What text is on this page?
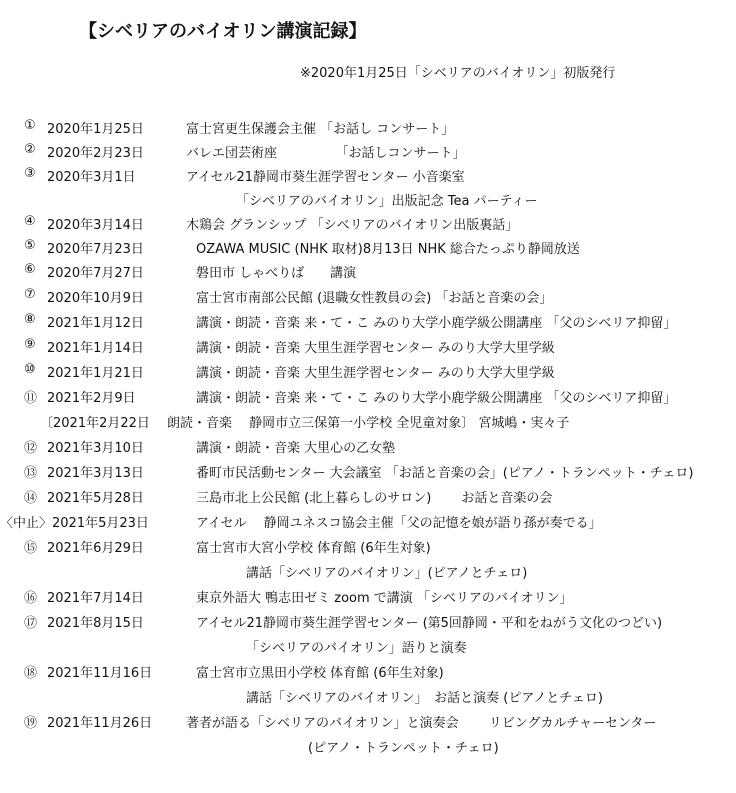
【シベリアのバイオリン講演記録】
※2020年1月25日「シベリアのバイオリン」初版発行
① 2020年1月25日	富士宮更生保護会主催 「お話し コンサート」
② 2020年2月23日	バレエ団芸術座　　　　　「お話しコンサート」
③ 2020年3月1日	アイセル21静岡市葵生涯学習センター 小音楽室
「シベリアのバイオリン」出版記念 Tea パーティー
④ 2020年3月14日	木鶏会 グランシップ 「シベリアのバイオリン出版裏話」
⑤ 2020年7月23日	OZAWA MUSIC (NHK 取材)8月13日 NHK 総合たっぷり静岡放送
⑥ 2020年7月27日	磐田市 しゃべりば　　講演
⑦ 2020年10月9日	富士宮市南部公民館 (退職女性教員の会) 「お話と音楽の会」
⑧ 2021年1月12日	講演・朗読・音楽 来・て・こ みのり大学小鹿学級公開講座 「父のシベリア抑留」
⑨ 2021年1月14日	講演・朗読・音楽 大里生涯学習センター みのり大学大里学級
⑩ 2021年1月21日	講演・朗読・音楽 大里生涯学習センター みのり大学大里学級
⑪ 2021年2月9日	講演・朗読・音楽 来・て・こ みのり大学小鹿学級公開講座 「父のシベリア抑留」
〔2021年2月22日　 朗読・音楽　 静岡市立三保第一小学校 全児童対象〕 宮城嶋・実々子
⑫ 2021年3月10日	講演・朗読・音楽 大里心の乙女塾
⑬ 2021年3月13日	番町市民活動センター 大会議室 「お話と音楽の会」(ピアノ・トランペット・チェロ)
⑭ 2021年5月28日	三島市北上公民館 (北上暮らしのサロン)　　 お話と音楽の会
〈中止〉2021年5月23日	アイセル　 静岡ユネスコ協会主催「父の記憶を娘が語り孫が奏でる」
⑮ 2021年6月29日	富士宮市大宮小学校 体育館 (6年生対象)
講話「シベリアのバイオリン」(ピアノとチェロ)
⑯ 2021年7月14日	東京外語大 鴨志田ゼミ zoom で講演 「シベリアのバイオリン」
⑰ 2021年8月15日	アイセル21静岡市葵生涯学習センター (第5回静岡・平和をねがう文化のつどい)
「シベリアのバイオリン」語りと演奏
⑱ 2021年11月16日	富士宮市立黒田小学校 体育館 (6年生対象)
講話「シベリアのバイオリン」　お話と演奏 (ピアノとチェロ)
⑲ 2021年11月26日	著者が語る「シベリアのバイオリン」と演奏会　　 リビングカルチャーセンター
(ピアノ・トランペット・チェロ)
